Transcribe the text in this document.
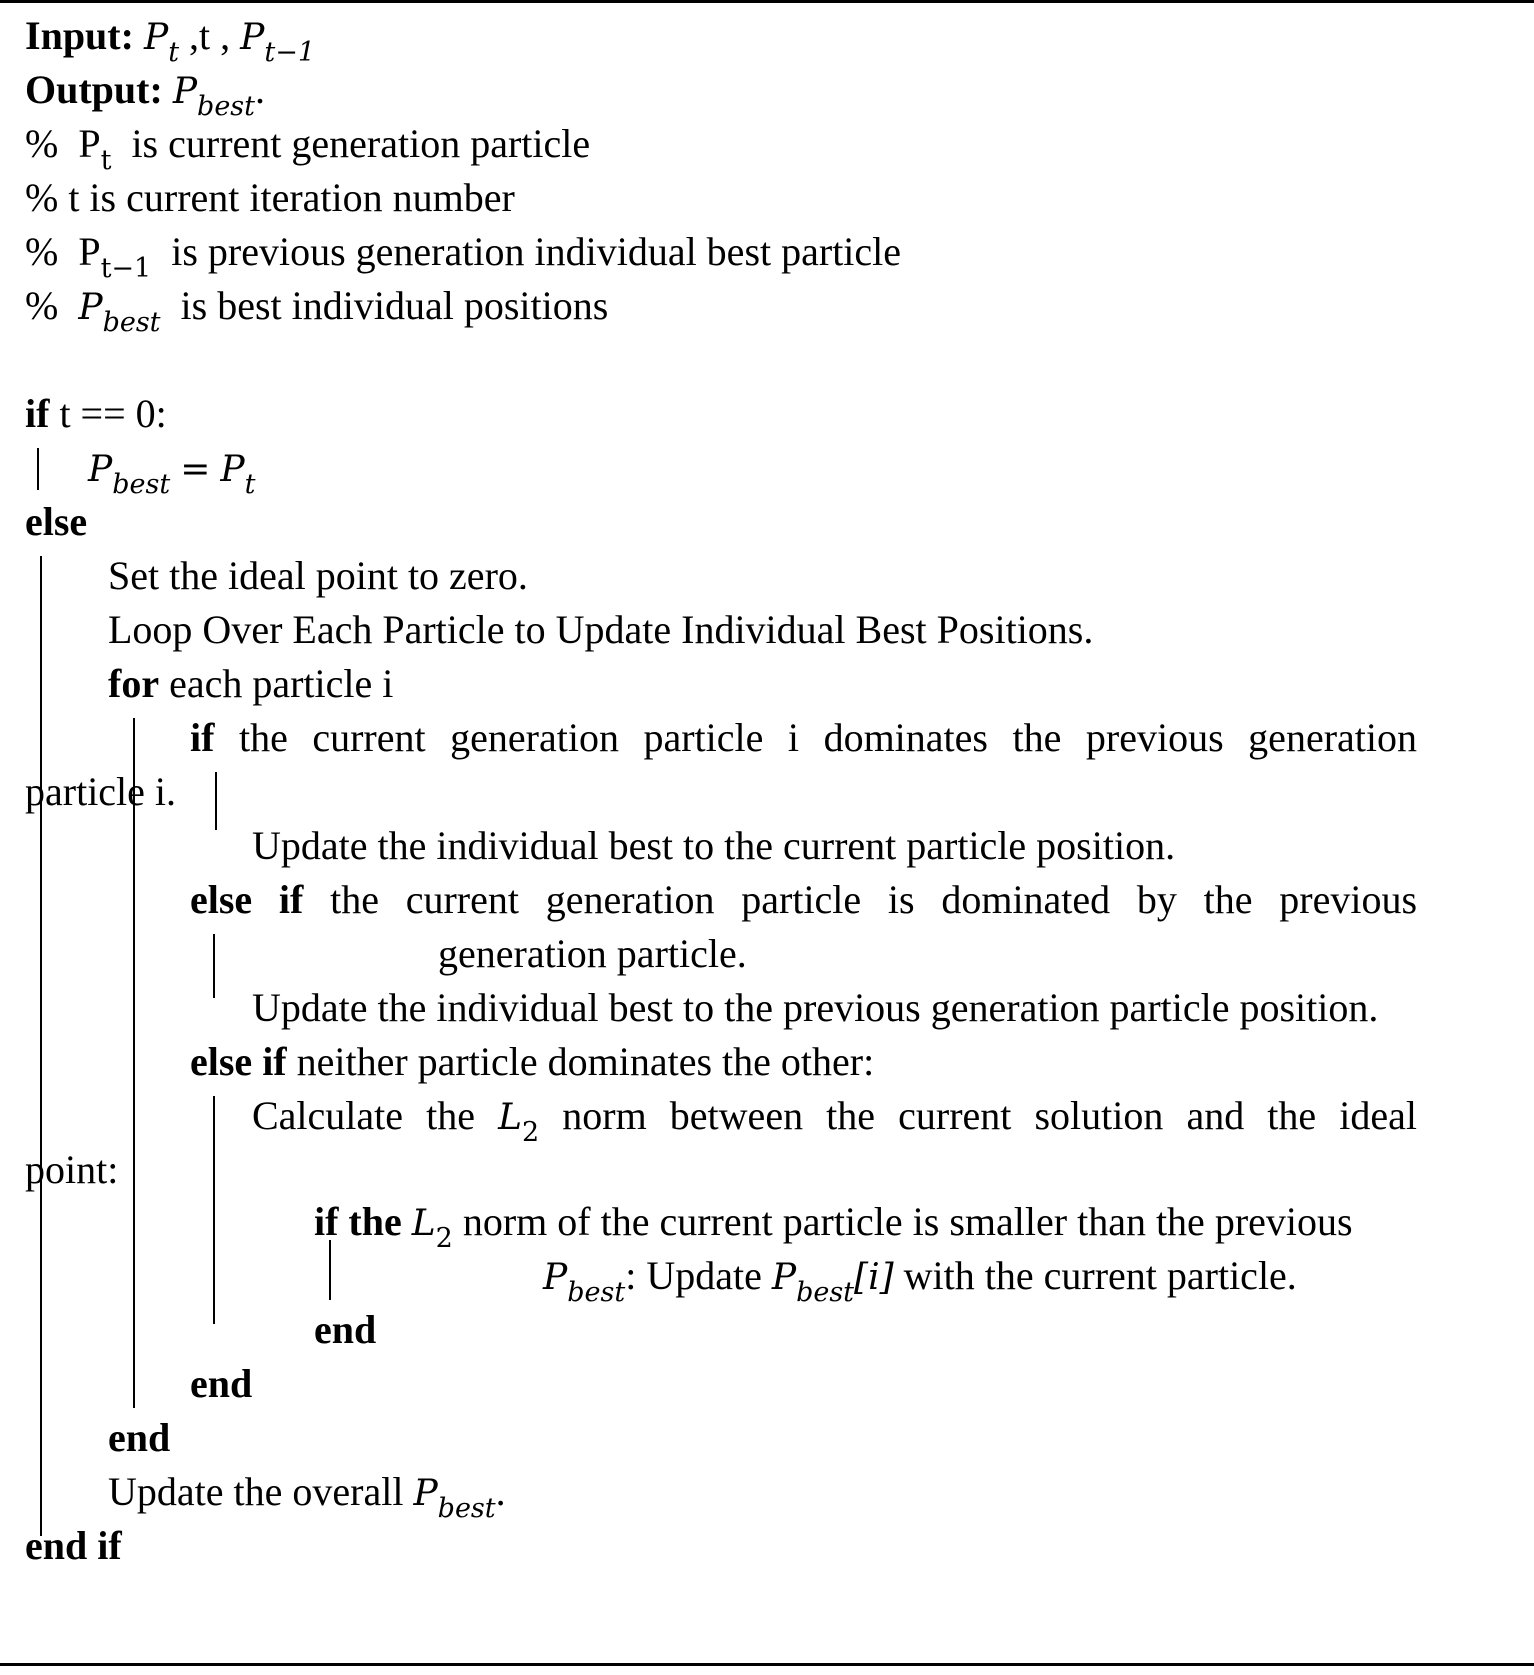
Input: $P_t$ ,t , $P_{t-1}$
Output: $P_{best}$.
% $P_t$ is current generation particle
% t is current iteration number
% $P_{t-1}$ is previous generation individual best particle
% $P_{best}$ is best individual positions
if t == 0:
$P_{best} = P_t$
else
Set the ideal point to zero.
Loop Over Each Particle to Update Individual Best Positions.
for each particle i
if the current generation particle i dominates the previous generation
particle i.
Update the individual best to the current particle position.
else if the current generation particle is dominated by the previous
generation particle.
Update the individual best to the previous generation particle position.
else if neither particle dominates the other:
Calculate the $L_2$ norm between the current solution and the ideal
point:
if the $L_2$ norm of the current particle is smaller than the previous
$P_{best}$: Update $P_{best}[i]$ with the current particle.
end
end
end
Update the overall $P_{best}$.
end if
